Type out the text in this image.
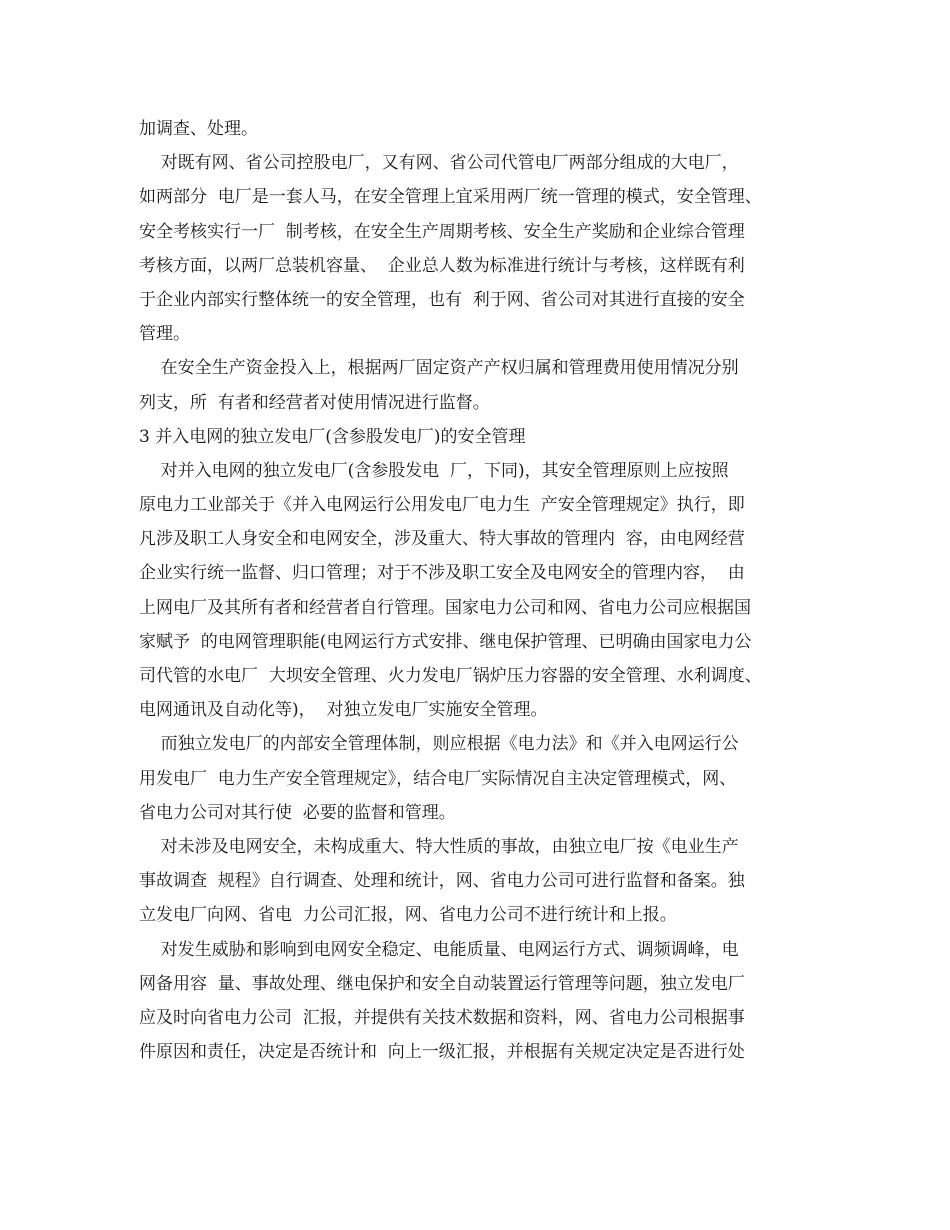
加调查、处理。
对既有网、省公司控股电厂，又有网、省公司代管电厂两部分组成的大电厂，
如两部分  电厂是一套人马，在安全管理上宜采用两厂统一管理的模式，安全管理、
安全考核实行一厂  制考核，在安全生产周期考核、安全生产奖励和企业综合管理
考核方面，以两厂总装机容量、  企业总人数为标准进行统计与考核，这样既有利
于企业内部实行整体统一的安全管理，也有  利于网、省公司对其进行直接的安全
管理。
在安全生产资金投入上，根据两厂固定资产产权归属和管理费用使用情况分别
列支，所  有者和经营者对使用情况进行监督。
3 并入电网的独立发电厂(含参股发电厂)的安全管理
对并入电网的独立发电厂(含参股发电  厂，下同)，其安全管理原则上应按照
原电力工业部关于《并入电网运行公用发电厂电力生  产安全管理规定》执行，即
凡涉及职工人身安全和电网安全，涉及重大、特大事故的管理内  容，由电网经营
企业实行统一监督、归口管理；对于不涉及职工安全及电网安全的管理内容，  由
上网电厂及其所有者和经营者自行管理。国家电力公司和网、省电力公司应根据国
家赋予  的电网管理职能(电网运行方式安排、继电保护管理、已明确由国家电力公
司代管的水电厂  大坝安全管理、火力发电厂锅炉压力容器的安全管理、水利调度、
电网通讯及自动化等)，  对独立发电厂实施安全管理。
而独立发电厂的内部安全管理体制，则应根据《电力法》和《并入电网运行公
用发电厂  电力生产安全管理规定》，结合电厂实际情况自主决定管理模式，网、
省电力公司对其行使  必要的监督和管理。
对未涉及电网安全，未构成重大、特大性质的事故，由独立电厂按《电业生产
事故调查  规程》自行调查、处理和统计，网、省电力公司可进行监督和备案。独
立发电厂向网、省电  力公司汇报，网、省电力公司不进行统计和上报。
对发生威胁和影响到电网安全稳定、电能质量、电网运行方式、调频调峰，电
网备用容  量、事故处理、继电保护和安全自动装置运行管理等问题，独立发电厂
应及时向省电力公司  汇报，并提供有关技术数据和资料，网、省电力公司根据事
件原因和责任，决定是否统计和  向上一级汇报，并根据有关规定决定是否进行处
